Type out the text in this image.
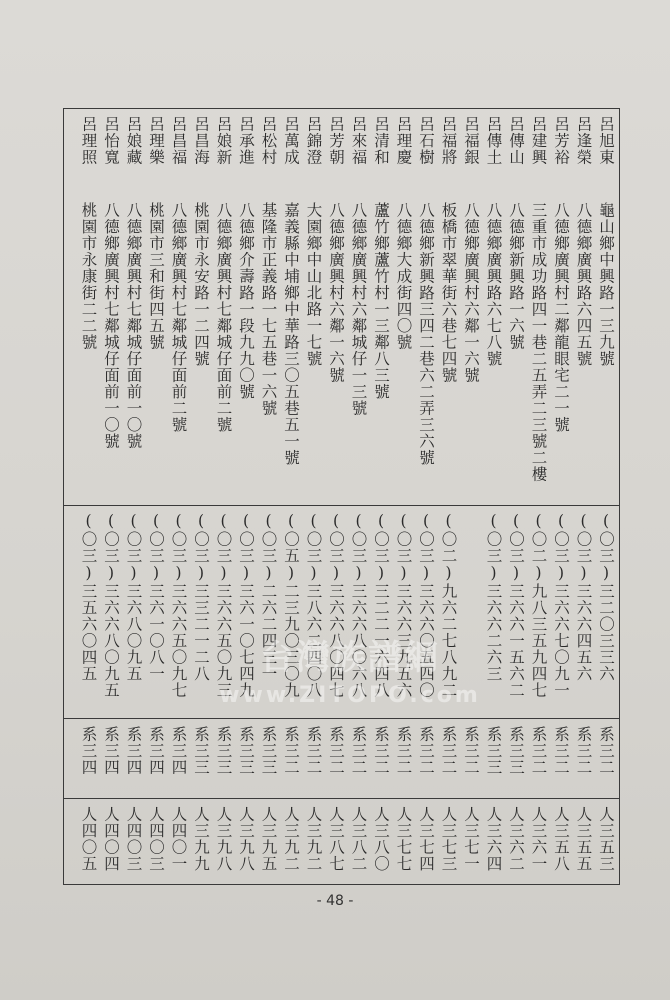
呂旭東
龜山鄉中興路一三九號
(〇三)三二〇三三六
系三二
人三五三
呂逢榮
八德鄉廣興路六四五號
(〇三)三六六四五六
系三二
人三五五
呂芳裕
八德鄉廣興村二鄰龍眼宅二一號
(〇三)三六六七〇九一
系三二
人三五八
呂建興
三重市成功路四一巷二五弄二三號二樓
(〇二)九八三五九四七
系三二
人三六一
呂傳山
八德鄉新興路一六號
(〇三)三六六一五六二
系三三
人三六二
呂傳土
八德鄉廣興路六七八號
(〇三)三六六二六三
系三三
人三六四
呂福銀
八德鄉廣興村六鄰一六號
系三二
人三七一
呂福將
板橋市翠華街六巷七四號
(〇二)九六二七八九二
系三二
人三七三
呂石樹
八德鄉新興路三四二巷六二弄三六號
(〇三)三六六〇五四〇
系三二
人三七四
呂理慶
八德鄉大成街四〇號
(〇三)三六六三九五六
系三二
人三七七
呂清和
蘆竹鄉蘆竹村一三鄰八三號
(〇三)三二二一六四八
系三二
人三八〇
呂來福
八德鄉廣興村六鄰城仔一三號
(〇三)三六六八〇六八
系三二
人三八二
呂芳朝
八德鄉廣興村六鄰一六號
(〇三)三六六八〇四七
系三二
人三八七
呂錦澄
大園鄉中山北路一七號
(〇三)三八六二四〇八
系三二
人三九二
呂萬成
嘉義縣中埔鄉中華路三〇五巷五一號
(〇五)二三九〇三〇九
系三二
人三九二
呂松村
基隆市正義路一七五巷一六號
(〇三)二六二四三一
系三三
人三九五
呂承進
八德鄉介壽路一段九九〇號
(〇三)三六一〇七四九
系三三
人三九八
呂娘新
八德鄉廣興村七鄰城仔面前二號
(〇三)三六六五〇九三
系三三
人三九八
呂昌海
桃園市永安路一二四號
(〇三)三三二一二八
系三三
人三九九
呂昌福
八德鄉廣興村七鄰城仔面前二號
(〇三)三六六五〇九七
系三四
人四〇一
呂理樂
桃園市三和街四五號
(〇三)三六一〇八一
系三四
人四〇三
呂娘藏
八德鄉廣興村七鄰城仔面前一〇號
(〇三)三六八〇九五
系三四
人四〇三
呂怡寬
八德鄉廣興村七鄰城仔面前一〇號
(〇三)三六六八〇九五
系三四
人四〇四
呂理照
桃園市永康街二二號
(〇三)三五六〇四五
系三四
人四〇五
台灣族譜網
www.ZITOPO.com
- 48 -
